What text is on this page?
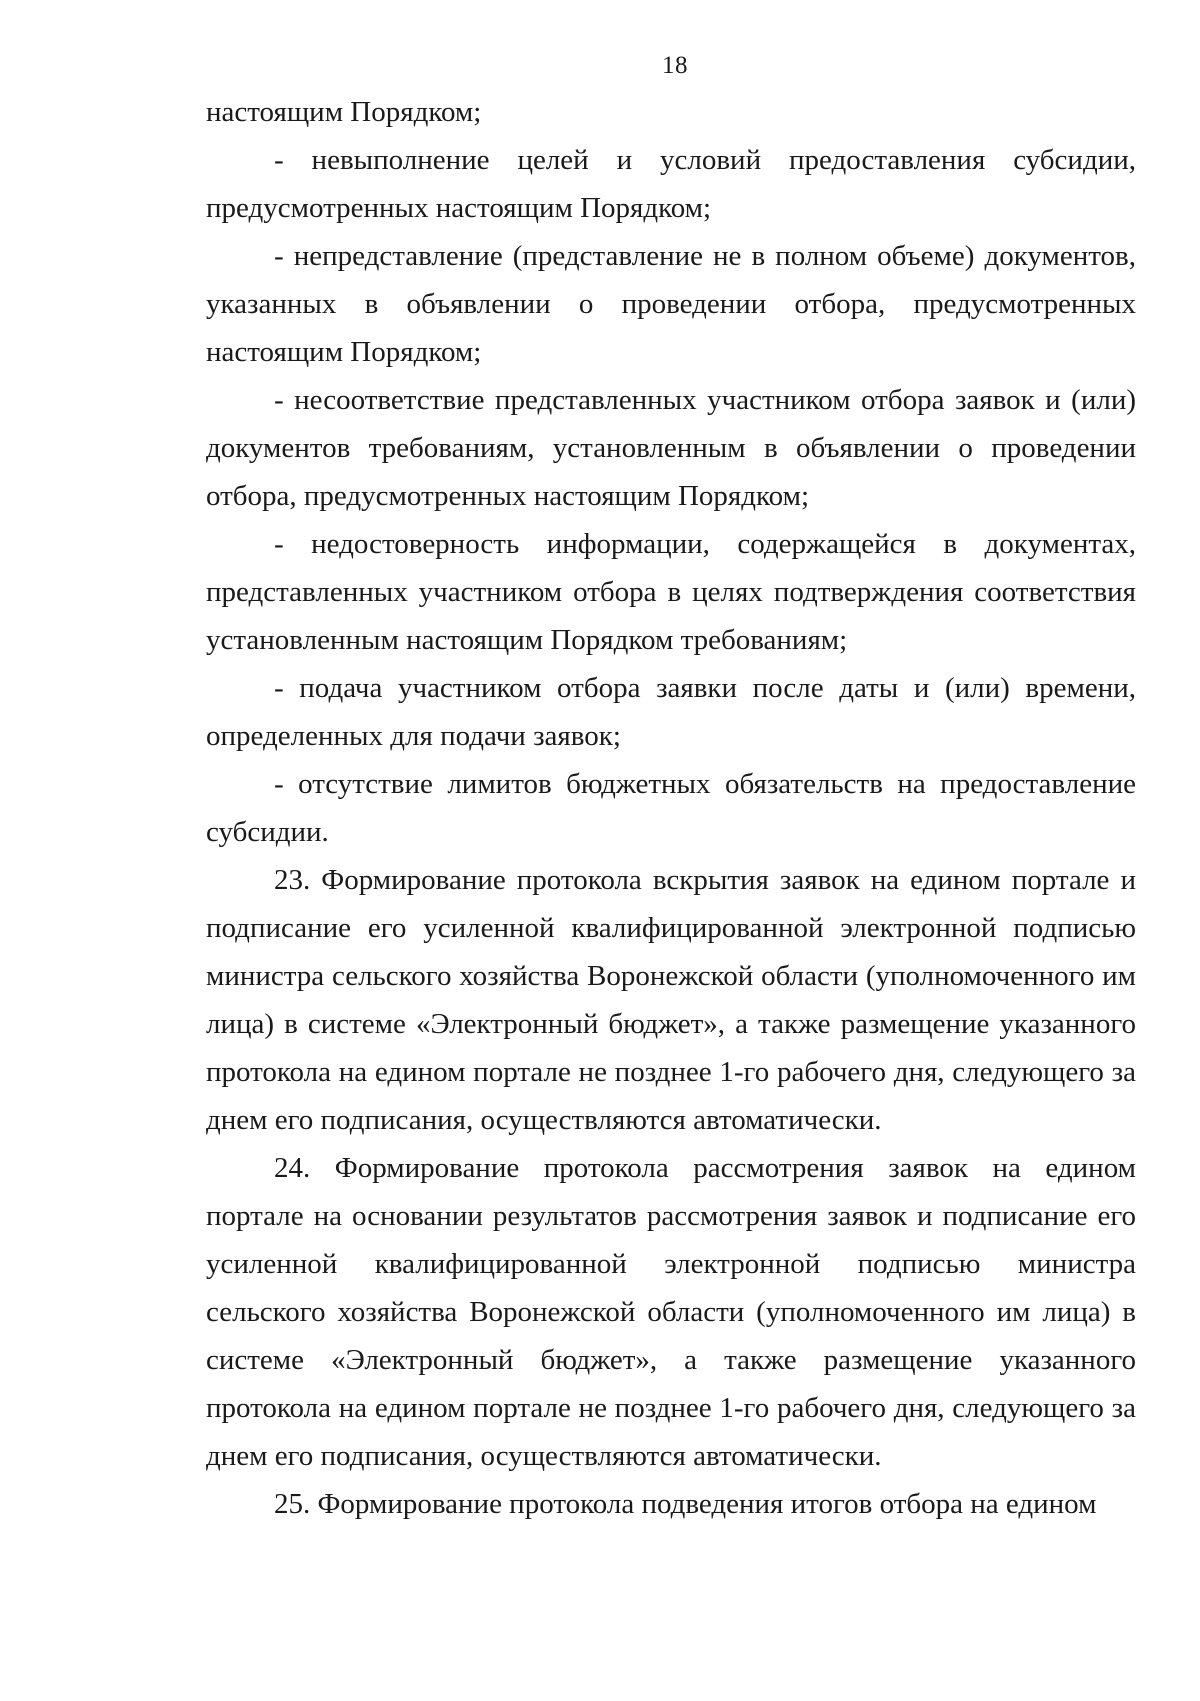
18

настоящим Порядком;

- невыполнение целей и условий предоставления субсидии, предусмотренных настоящим Порядком;

- непредставление (представление не в полном объеме) документов, указанных в объявлении о проведении отбора, предусмотренных настоящим Порядком;

- несоответствие представленных участником отбора заявок и (или) документов требованиям, установленным в объявлении о проведении отбора, предусмотренных настоящим Порядком;

- недостоверность информации, содержащейся в документах, представленных участником отбора в целях подтверждения соответствия установленным настоящим Порядком требованиям;

- подача участником отбора заявки после даты и (или) времени, определенных для подачи заявок;

- отсутствие лимитов бюджетных обязательств на предоставление субсидии.

23. Формирование протокола вскрытия заявок на едином портале и подписание его усиленной квалифицированной электронной подписью министра сельского хозяйства Воронежской области (уполномоченного им лица) в системе «Электронный бюджет», а также размещение указанного протокола на едином портале не позднее 1-го рабочего дня, следующего за днем его подписания, осуществляются автоматически.

24. Формирование протокола рассмотрения заявок на едином портале на основании результатов рассмотрения заявок и подписание его усиленной квалифицированной электронной подписью министра сельского хозяйства Воронежской области (уполномоченного им лица) в системе «Электронный бюджет», а также размещение указанного протокола на едином портале не позднее 1-го рабочего дня, следующего за днем его подписания, осуществляются автоматически.

25. Формирование протокола подведения итогов отбора на едином
